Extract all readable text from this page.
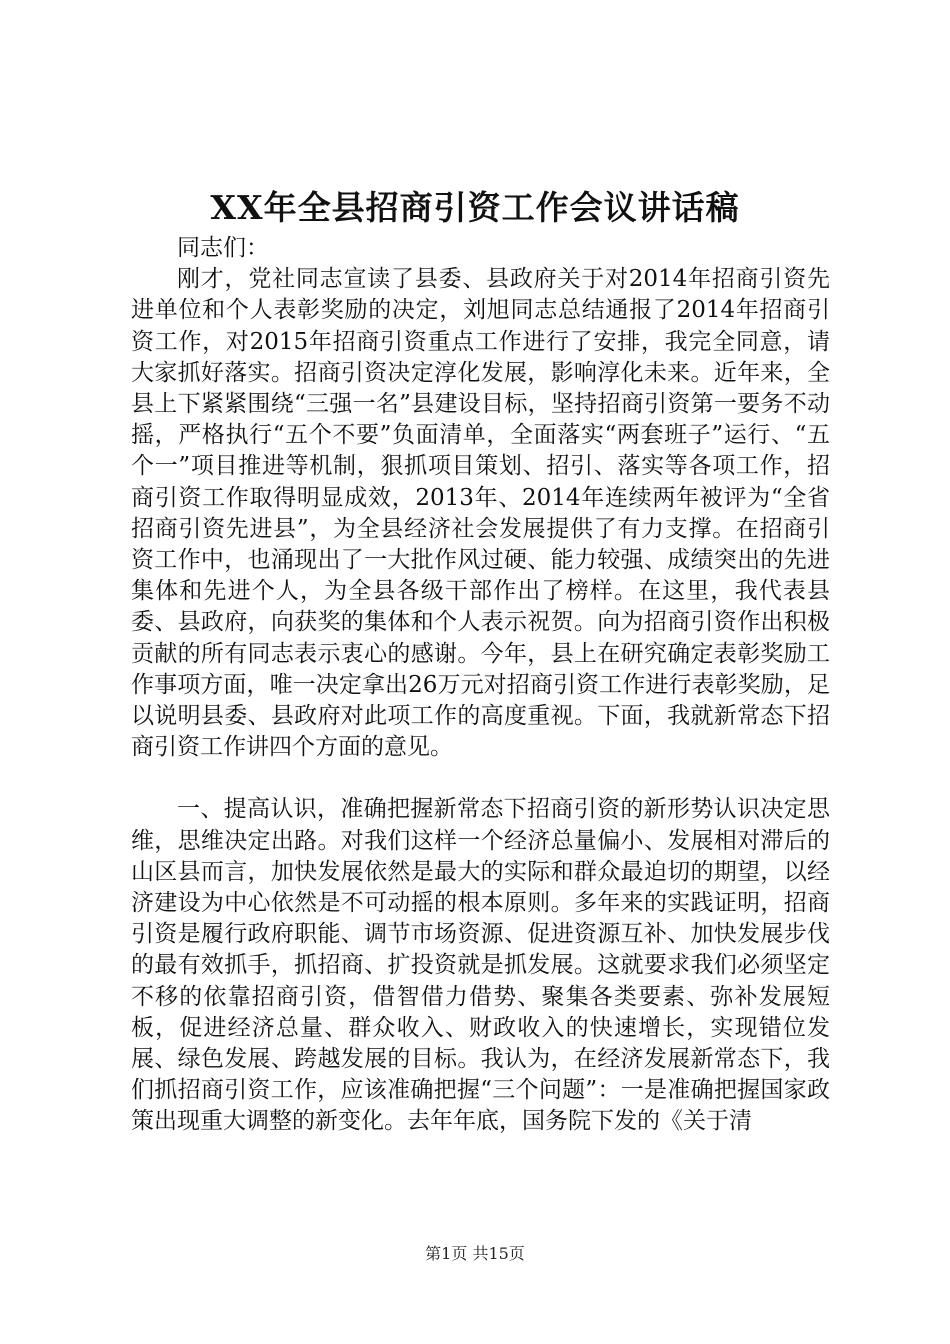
XX年全县招商引资工作会议讲话稿

同志们：

刚才，党社同志宣读了县委、县政府关于对2014年招商引资先进单位和个人表彰奖励的决定，刘旭同志总结通报了2014年招商引资工作，对2015年招商引资重点工作进行了安排，我完全同意，请大家抓好落实。招商引资决定淳化发展，影响淳化未来。近年来，全县上下紧紧围绕“三强一名”县建设目标，坚持招商引资第一要务不动摇，严格执行“五个不要”负面清单，全面落实“两套班子”运行、“五个一”项目推进等机制，狠抓项目策划、招引、落实等各项工作，招商引资工作取得明显成效，2013年、2014年连续两年被评为“全省招商引资先进县”，为全县经济社会发展提供了有力支撑。在招商引资工作中，也涌现出了一大批作风过硬、能力较强、成绩突出的先进集体和先进个人，为全县各级干部作出了榜样。在这里，我代表县委、县政府，向获奖的集体和个人表示祝贺。向为招商引资作出积极贡献的所有同志表示衷心的感谢。今年，县上在研究确定表彰奖励工作事项方面，唯一决定拿出26万元对招商引资工作进行表彰奖励，足以说明县委、县政府对此项工作的高度重视。下面，我就新常态下招商引资工作讲四个方面的意见。

一、提高认识，准确把握新常态下招商引资的新形势认识决定思维，思维决定出路。对我们这样一个经济总量偏小、发展相对滞后的山区县而言，加快发展依然是最大的实际和群众最迫切的期望，以经济建设为中心依然是不可动摇的根本原则。多年来的实践证明，招商引资是履行政府职能、调节市场资源、促进资源互补、加快发展步伐的最有效抓手，抓招商、扩投资就是抓发展。这就要求我们必须坚定不移的依靠招商引资，借智借力借势、聚集各类要素、弥补发展短板，促进经济总量、群众收入、财政收入的快速增长，实现错位发展、绿色发展、跨越发展的目标。我认为，在经济发展新常态下，我们抓招商引资工作，应该准确把握“三个问题”：一是准确把握国家政策出现重大调整的新变化。去年年底，国务院下发的《关于清

第1页 共15页
